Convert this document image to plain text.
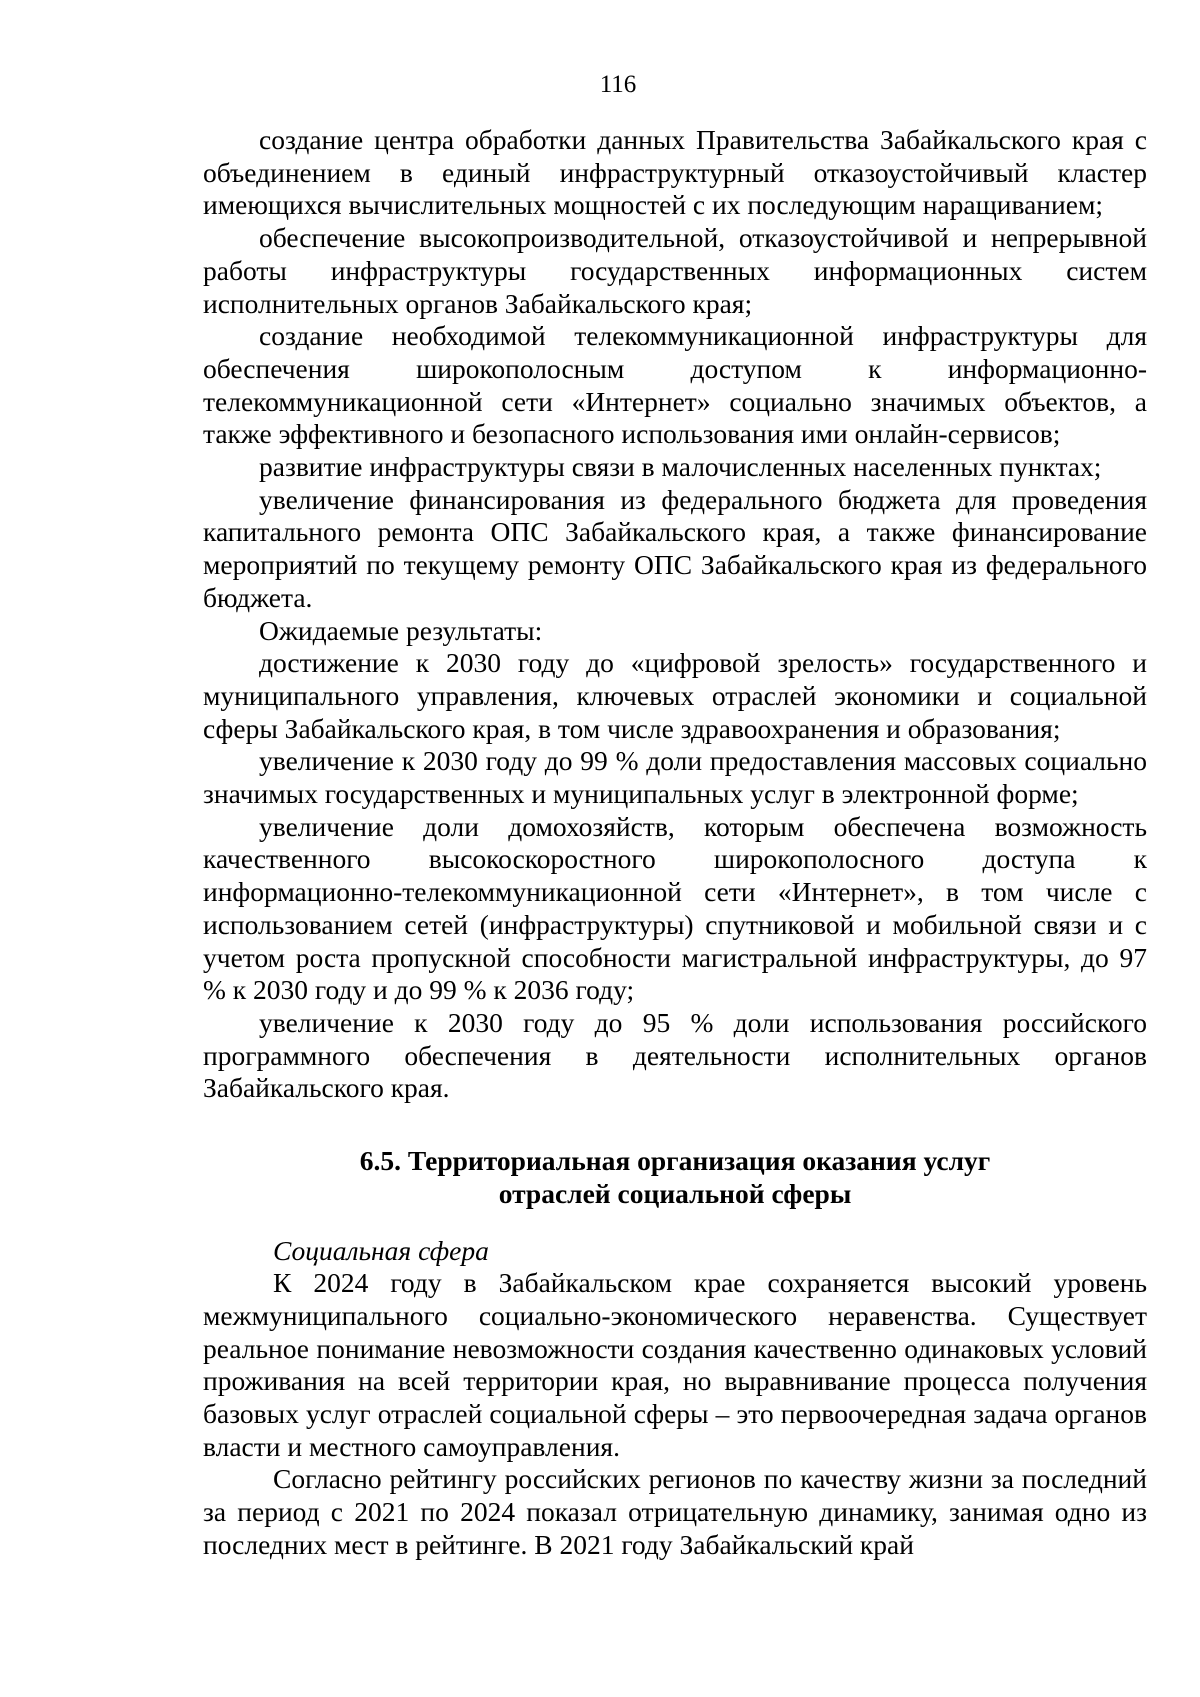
116

создание центра обработки данных Правительства Забайкальского края с объединением в единый инфраструктурный отказоустойчивый кластер имеющихся вычислительных мощностей с их последующим наращиванием;

обеспечение высокопроизводительной, отказоустойчивой и непрерывной работы инфраструктуры государственных информационных систем исполнительных органов Забайкальского края;

создание необходимой телекоммуникационной инфраструктуры для обеспечения широкополосным доступом к информационно-телекоммуникационной сети «Интернет» социально значимых объектов, а также эффективного и безопасного использования ими онлайн-сервисов;

развитие инфраструктуры связи в малочисленных населенных пунктах;

увеличение финансирования из федерального бюджета для проведения капитального ремонта ОПС Забайкальского края, а также финансирование мероприятий по текущему ремонту ОПС Забайкальского края из федерального бюджета.

Ожидаемые результаты:

достижение к 2030 году до «цифровой зрелость» государственного и муниципального управления, ключевых отраслей экономики и социальной сферы Забайкальского края, в том числе здравоохранения и образования;

увеличение к 2030 году до 99 % доли предоставления массовых социально значимых государственных и муниципальных услуг в электронной форме;

увеличение доли домохозяйств, которым обеспечена возможность качественного высокоскоростного широкополосного доступа к информационно-телекоммуникационной сети «Интернет», в том числе с использованием сетей (инфраструктуры) спутниковой и мобильной связи и с учетом роста пропускной способности магистральной инфраструктуры, до 97 % к 2030 году и до 99 % к 2036 году;

увеличение к 2030 году до 95 % доли использования российского программного обеспечения в деятельности исполнительных органов Забайкальского края.

6.5. Территориальная организация оказания услуг
отраслей социальной сферы

Социальная сфера

К 2024 году в Забайкальском крае сохраняется высокий уровень межмуниципального социально-экономического неравенства. Существует реальное понимание невозможности создания качественно одинаковых условий проживания на всей территории края, но выравнивание процесса получения базовых услуг отраслей социальной сферы – это первоочередная задача органов власти и местного самоуправления.

Согласно рейтингу российских регионов по качеству жизни за последний за период с 2021 по 2024 показал отрицательную динамику, занимая одно из последних мест в рейтинге. В 2021 году Забайкальский край
